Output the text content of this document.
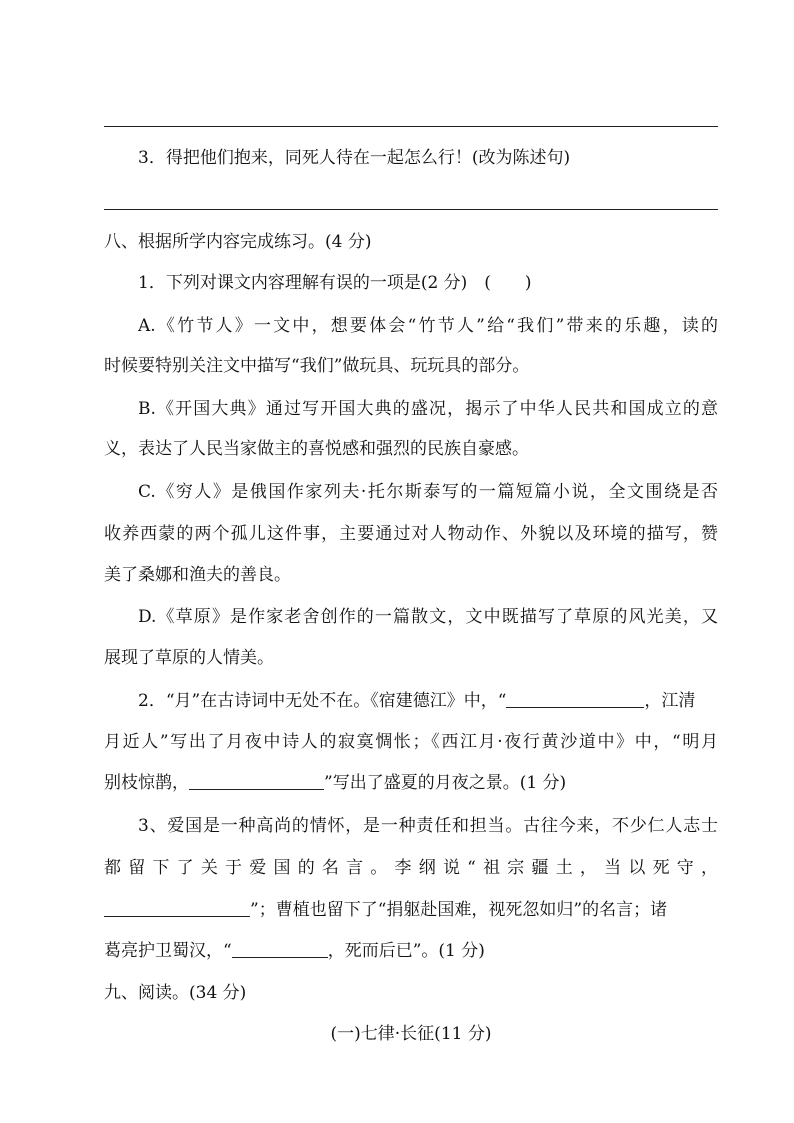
3．得把他们抱来，同死人待在一起怎么行！(改为陈述句)
八、根据所学内容完成练习。(4 分)
1．下列对课文内容理解有误的一项是(2 分)　(　　)
A.《竹节人》一文中，想要体会“竹节人”给“我们”带来的乐趣，读的
时候要特别关注文中描写“我们”做玩具、玩玩具的部分。
B.《开国大典》通过写开国大典的盛况，揭示了中华人民共和国成立的意
义，表达了人民当家做主的喜悦感和强烈的民族自豪感。
C.《穷人》是俄国作家列夫·托尔斯泰写的一篇短篇小说，全文围绕是否
收养西蒙的两个孤儿这件事，主要通过对人物动作、外貌以及环境的描写，赞
美了桑娜和渔夫的善良。
D.《草原》是作家老舍创作的一篇散文，文中既描写了草原的风光美，又
展现了草原的人情美。
2．“月”在古诗词中无处不在。《宿建德江》中，“	，江清
月近人”写出了月夜中诗人的寂寞惆怅；《西江月·夜行黄沙道中》中，“明月
别枝惊鹊，	”写出了盛夏的月夜之景。(1 分)
3、爱国是一种高尚的情怀，是一种责任和担当。古往今来，不少仁人志士
都留下了关于爱国的名言。李纲说“祖宗疆土，当以死守，
”；曹植也留下了“捐躯赴国难，视死忽如归”的名言；诸
葛亮护卫蜀汉，“	，死而后已”。(1 分)
九、阅读。(34 分)
(一)七律·长征(11 分)
